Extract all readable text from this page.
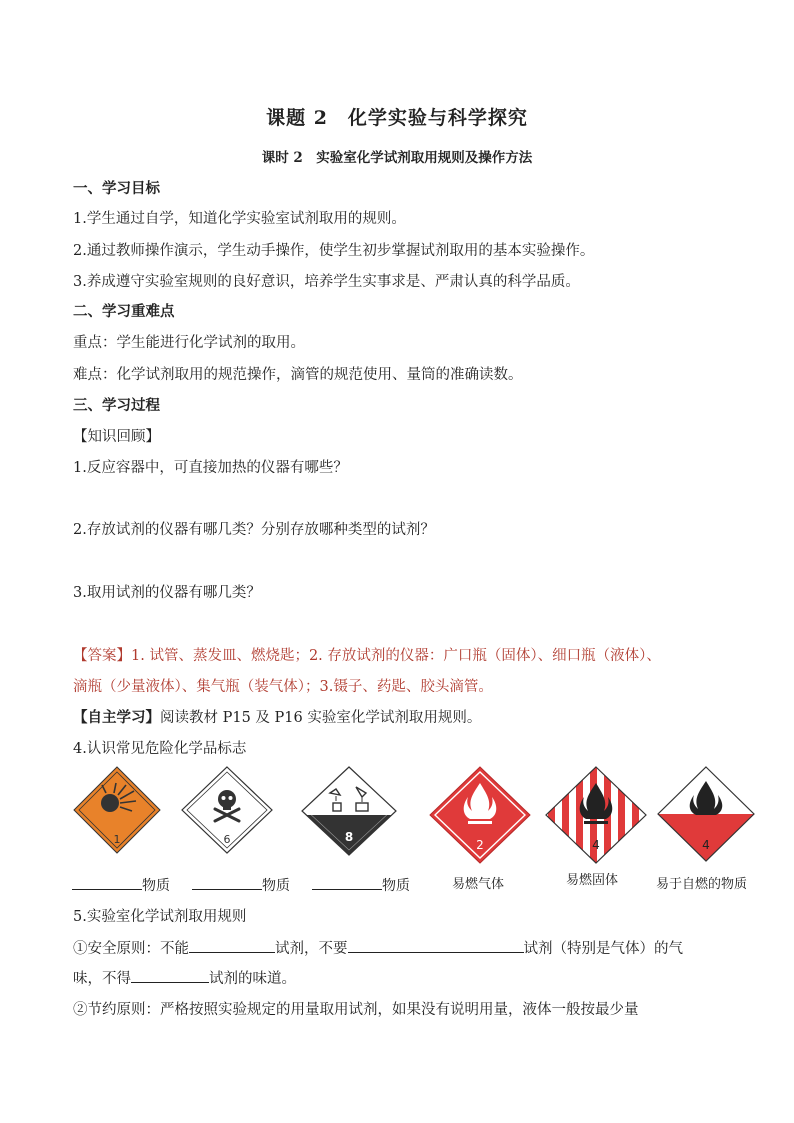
课题 2　化学实验与科学探究
课时 2　实验室化学试剂取用规则及操作方法
一、学习目标
1.学生通过自学，知道化学实验室试剂取用的规则。
2.通过教师操作演示，学生动手操作，使学生初步掌握试剂取用的基本实验操作。
3.养成遵守实验室规则的良好意识，培养学生实事求是、严肃认真的科学品质。
二、学习重难点
重点：学生能进行化学试剂的取用。
难点：化学试剂取用的规范操作，滴管的规范使用、量筒的准确读数。
三、学习过程
【知识回顾】
1.反应容器中，可直接加热的仪器有哪些？
2.存放试剂的仪器有哪几类？分别存放哪种类型的试剂？
3.取用试剂的仪器有哪几类？
【答案】1. 试管、蒸发皿、燃烧匙；2. 存放试剂的仪器：广口瓶（固体）、细口瓶（液体）、
滴瓶（少量液体）、集气瓶（装气体）；3.镊子、药匙、胶头滴管。
【自主学习】阅读教材 P15 及 P16 实验室化学试剂取用规则。
4.认识常见危险化学品标志
1	6	8
2	4	4
物质	物质	物质	易燃气体	易燃固体	易于自燃的物质
5.实验室化学试剂取用规则
①安全原则：不能	试剂，不要	试剂（特别是气体）的气
味，不得	试剂的味道。
②节约原则：严格按照实验规定的用量取用试剂，如果没有说明用量，液体一般按最少量
